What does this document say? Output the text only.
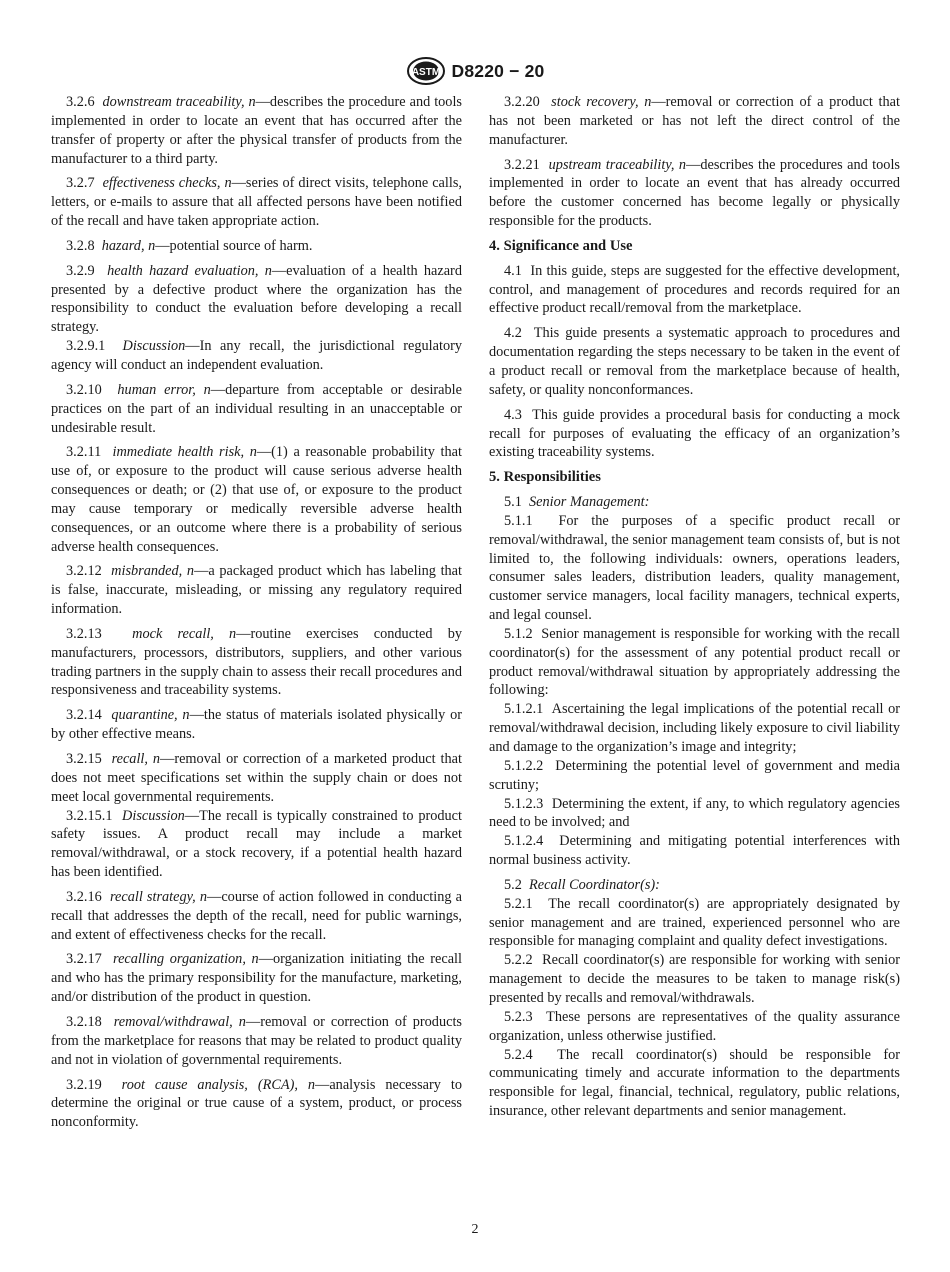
ASTM D8220 − 20

3.2.6 downstream traceability, n—describes the procedure and tools implemented in order to locate an event that has occurred after the transfer of property or after the physical transfer of products from the manufacturer to a third party.

3.2.7 effectiveness checks, n—series of direct visits, telephone calls, letters, or e-mails to assure that all affected persons have been notified of the recall and have taken appropriate action.

3.2.8 hazard, n—potential source of harm.

3.2.9 health hazard evaluation, n—evaluation of a health hazard presented by a defective product where the organization has the responsibility to conduct the evaluation before developing a recall strategy.

3.2.9.1 Discussion—In any recall, the jurisdictional regulatory agency will conduct an independent evaluation.

3.2.10 human error, n—departure from acceptable or desirable practices on the part of an individual resulting in an unacceptable or undesirable result.

3.2.11 immediate health risk, n—(1) a reasonable probability that use of, or exposure to the product will cause serious adverse health consequences or death; or (2) that use of, or exposure to the product may cause temporary or medically reversible adverse health consequences, or an outcome where there is a probability of serious adverse health consequences.

3.2.12 misbranded, n—a packaged product which has labeling that is false, inaccurate, misleading, or missing any regulatory required information.

3.2.13 mock recall, n—routine exercises conducted by manufacturers, processors, distributors, suppliers, and other various trading partners in the supply chain to assess their recall procedures and responsiveness and traceability systems.

3.2.14 quarantine, n—the status of materials isolated physically or by other effective means.

3.2.15 recall, n—removal or correction of a marketed product that does not meet specifications set within the supply chain or does not meet local governmental requirements.

3.2.15.1 Discussion—The recall is typically constrained to product safety issues. A product recall may include a market removal/withdrawal, or a stock recovery, if a potential health hazard has been identified.

3.2.16 recall strategy, n—course of action followed in conducting a recall that addresses the depth of the recall, need for public warnings, and extent of effectiveness checks for the recall.

3.2.17 recalling organization, n—organization initiating the recall and who has the primary responsibility for the manufacture, marketing, and/or distribution of the product in question.

3.2.18 removal/withdrawal, n—removal or correction of products from the marketplace for reasons that may be related to product quality and not in violation of governmental requirements.

3.2.19 root cause analysis, (RCA), n—analysis necessary to determine the original or true cause of a system, product, or process nonconformity.

3.2.20 stock recovery, n—removal or correction of a product that has not been marketed or has not left the direct control of the manufacturer.

3.2.21 upstream traceability, n—describes the procedures and tools implemented in order to locate an event that has already occurred before the customer concerned has become legally or physically responsible for the products.

4. Significance and Use

4.1 In this guide, steps are suggested for the effective development, control, and management of procedures and records required for an effective product recall/removal from the marketplace.

4.2 This guide presents a systematic approach to procedures and documentation regarding the steps necessary to be taken in the event of a product recall or removal from the marketplace because of health, safety, or quality nonconformances.

4.3 This guide provides a procedural basis for conducting a mock recall for purposes of evaluating the efficacy of an organization’s existing traceability systems.

5. Responsibilities

5.1 Senior Management:

5.1.1 For the purposes of a specific product recall or removal/withdrawal, the senior management team consists of, but is not limited to, the following individuals: owners, operations leaders, consumer sales leaders, distribution leaders, quality management, customer service managers, local facility managers, technical experts, and legal counsel.

5.1.2 Senior management is responsible for working with the recall coordinator(s) for the assessment of any potential product recall or product removal/withdrawal situation by appropriately addressing the following:

5.1.2.1 Ascertaining the legal implications of the potential recall or removal/withdrawal decision, including likely exposure to civil liability and damage to the organization’s image and integrity;

5.1.2.2 Determining the potential level of government and media scrutiny;

5.1.2.3 Determining the extent, if any, to which regulatory agencies need to be involved; and

5.1.2.4 Determining and mitigating potential interferences with normal business activity.

5.2 Recall Coordinator(s):

5.2.1 The recall coordinator(s) are appropriately designated by senior management and are trained, experienced personnel who are responsible for managing complaint and quality defect investigations.

5.2.2 Recall coordinator(s) are responsible for working with senior management to decide the measures to be taken to manage risk(s) presented by recalls and removal/withdrawals.

5.2.3 These persons are representatives of the quality assurance organization, unless otherwise justified.

5.2.4 The recall coordinator(s) should be responsible for communicating timely and accurate information to the departments responsible for legal, financial, technical, regulatory, public relations, insurance, other relevant departments and senior management.

2
